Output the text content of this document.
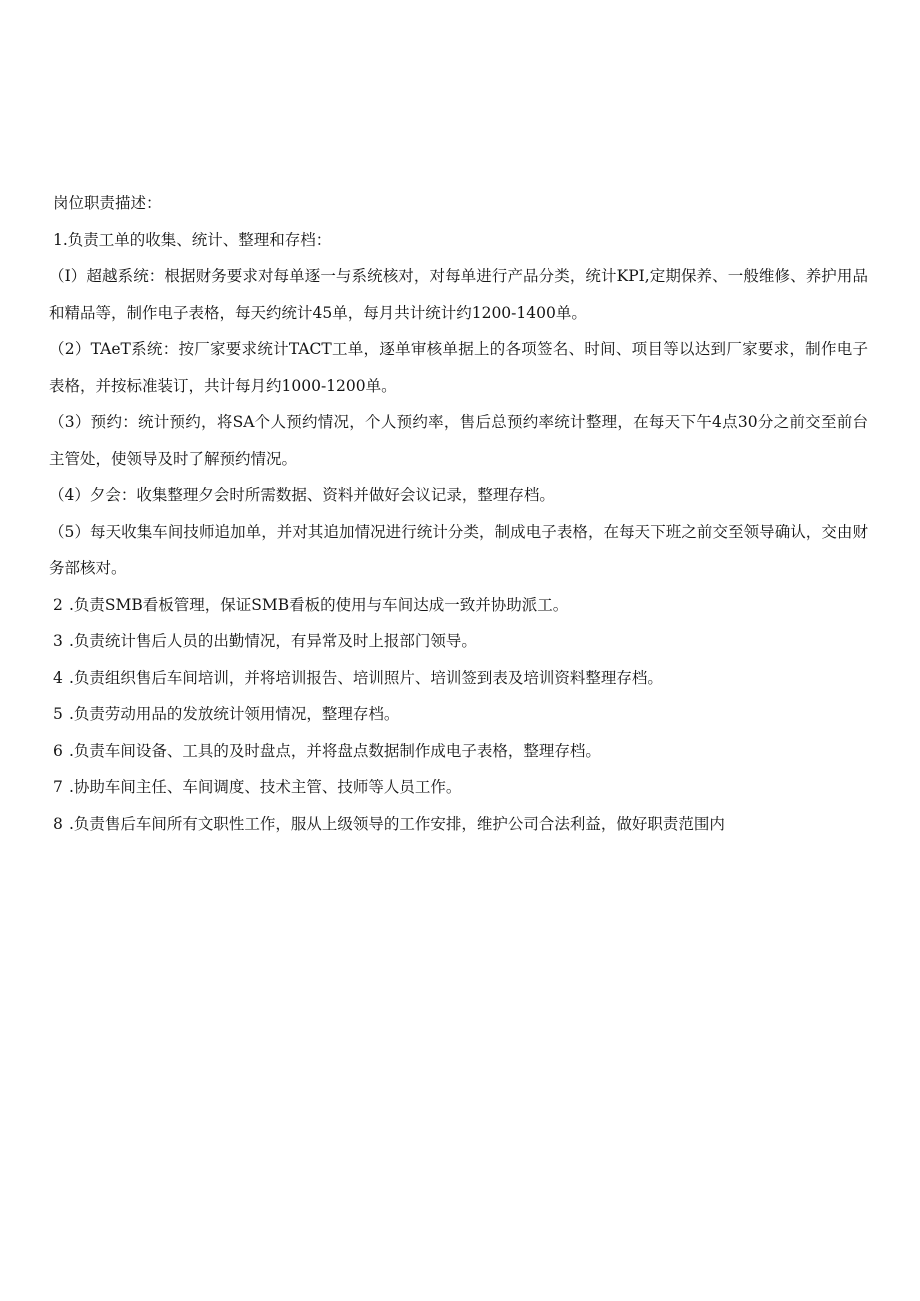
岗位职责描述：
1.负责工单的收集、统计、整理和存档：
（I）超越系统：根据财务要求对每单逐一与系统核对，对每单进行产品分类，统计KPI,定期保养、一般维修、养护用品和精品等，制作电子表格，每天约统计45单，每月共计统计约1200-1400单。
（2）TAeT系统：按厂家要求统计TACT工单，逐单审核单据上的各项签名、时间、项目等以达到厂家要求，制作电子表格，并按标准装订，共计每月约1000-1200单。
（3）预约：统计预约，将SA个人预约情况，个人预约率，售后总预约率统计整理，在每天下午4点30分之前交至前台主管处，使领导及时了解预约情况。
（4）夕会：收集整理夕会时所需数据、资料并做好会议记录，整理存档。
（5）每天收集车间技师追加单，并对其追加情况进行统计分类，制成电子表格，在每天下班之前交至领导确认，交由财务部核对。
2 .负责SMB看板管理，保证SMB看板的使用与车间达成一致并协助派工。
3 .负责统计售后人员的出勤情况，有异常及时上报部门领导。
4 .负责组织售后车间培训，并将培训报告、培训照片、培训签到表及培训资料整理存档。
5 .负责劳动用品的发放统计领用情况，整理存档。
6 .负责车间设备、工具的及时盘点，并将盘点数据制作成电子表格，整理存档。
7 .协助车间主任、车间调度、技术主管、技师等人员工作。
8 .负责售后车间所有文职性工作，服从上级领导的工作安排，维护公司合法利益，做好职责范围内
